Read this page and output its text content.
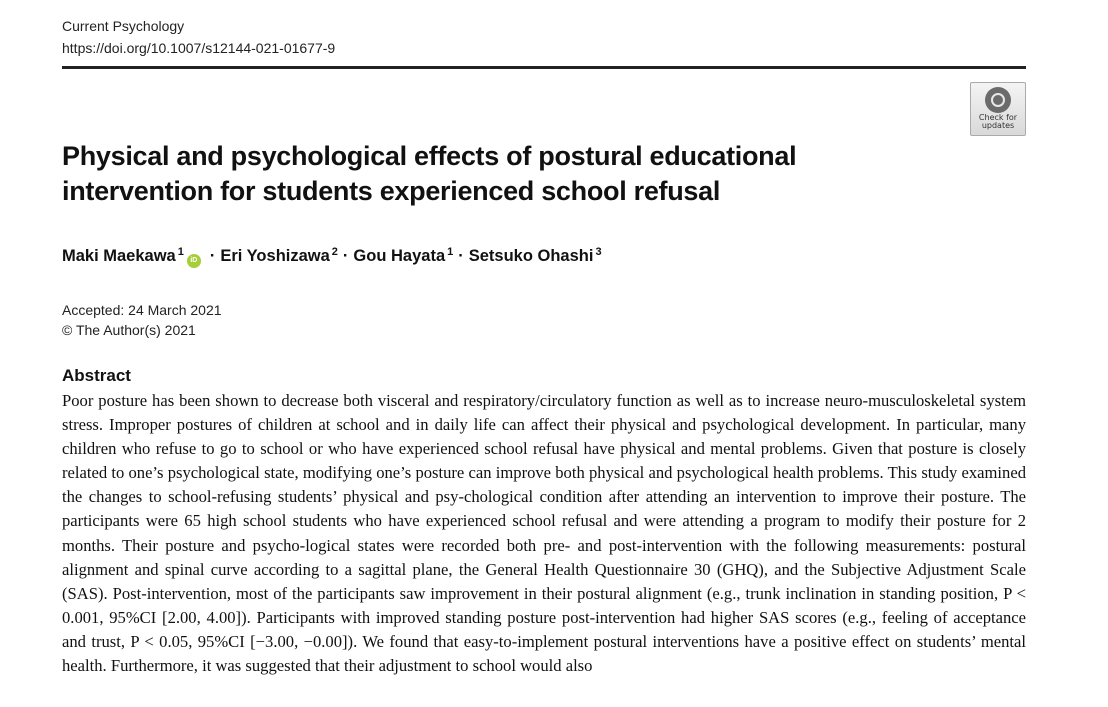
Current Psychology
https://doi.org/10.1007/s12144-021-01677-9
Check for
updates
Physical and psychological effects of postural educational intervention for students experienced school refusal
Maki Maekawa $^1$iD · Eri Yoshizawa $^2$ · Gou Hayata $^1$ · Setsuko Ohashi $^3$
Accepted: 24 March 2021
© The Author(s) 2021
Abstract

Poor posture has been shown to decrease both visceral and respiratory/circulatory function as well as to increase neuro-musculoskeletal system stress. Improper postures of children at school and in daily life can affect their physical and psychological development. In particular, many children who refuse to go to school or who have experienced school refusal have physical and mental problems. Given that posture is closely related to one’s psychological state, modifying one’s posture can improve both physical and psychological health problems. This study examined the changes to school-refusing students’ physical and psy-chological condition after attending an intervention to improve their posture. The participants were 65 high school students who have experienced school refusal and were attending a program to modify their posture for 2 months. Their posture and psycho-logical states were recorded both pre- and post-intervention with the following measurements: postural alignment and spinal curve according to a sagittal plane, the General Health Questionnaire 30 (GHQ), and the Subjective Adjustment Scale (SAS). Post-intervention, most of the participants saw improvement in their postural alignment (e.g., trunk inclination in standing position, P < 0.001, 95%CI [2.00, 4.00]). Participants with improved standing posture post-intervention had higher SAS scores (e.g., feeling of acceptance and trust, P < 0.05, 95%CI [−3.00, −0.00]). We found that easy-to-implement postural interventions have a positive effect on students’ mental health. Furthermore, it was suggested that their adjustment to school would also
